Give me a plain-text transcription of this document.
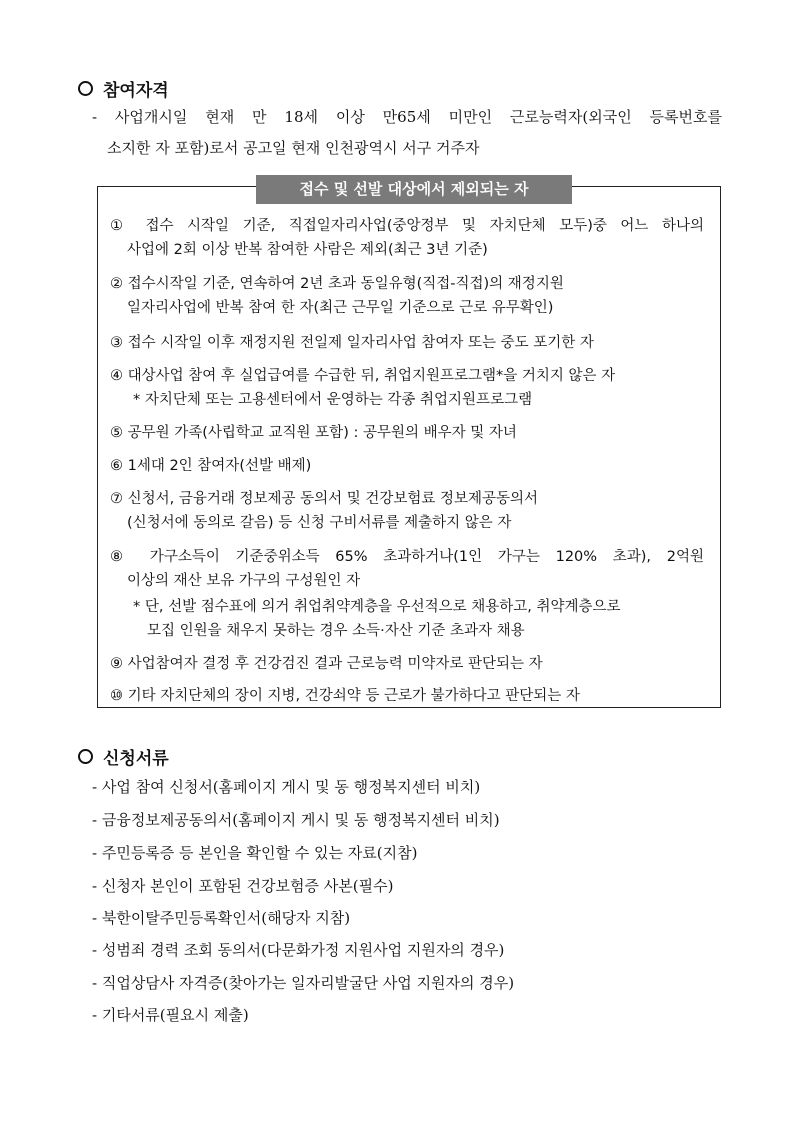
참여자격
- 사업개시일 현재 만 18세 이상 만65세 미만인 근로능력자(외국인 등록번호를
소지한 자 포함)로서 공고일 현재 인천광역시 서구 거주자
접수 및 선발 대상에서 제외되는 자
① 접수 시작일 기준, 직접일자리사업(중앙정부 및 자치단체 모두)중 어느 하나의
사업에 2회 이상 반복 참여한 사람은 제외(최근 3년 기준)
② 접수시작일 기준, 연속하여 2년 초과 동일유형(직접-직접)의 재정지원
일자리사업에 반복 참여 한 자(최근 근무일 기준으로 근로 유무확인)
③ 접수 시작일 이후 재정지원 전일제 일자리사업 참여자 또는 중도 포기한 자
④ 대상사업 참여 후 실업급여를 수급한 뒤, 취업지원프로그램*을 거치지 않은 자
* 자치단체 또는 고용센터에서 운영하는 각종 취업지원프로그램
⑤ 공무원 가족(사립학교 교직원 포함) : 공무원의 배우자 및 자녀
⑥ 1세대 2인 참여자(선발 배제)
⑦ 신청서, 금융거래 정보제공 동의서 및 건강보험료 정보제공동의서
(신청서에 동의로 갈음) 등 신청 구비서류를 제출하지 않은 자
⑧ 가구소득이 기준중위소득 65% 초과하거나(1인 가구는 120% 초과), 2억원
이상의 재산 보유 가구의 구성원인 자
* 단, 선발 점수표에 의거 취업취약계층을 우선적으로 채용하고, 취약계층으로
모집 인원을 채우지 못하는 경우 소득·자산 기준 초과자 채용
⑨ 사업참여자 결정 후 건강검진 결과 근로능력 미약자로 판단되는 자
⑩ 기타 자치단체의 장이 지병, 건강쇠약 등 근로가 불가하다고 판단되는 자
신청서류
- 사업 참여 신청서(홈페이지 게시 및 동 행정복지센터 비치)
- 금융정보제공동의서(홈페이지 게시 및 동 행정복지센터 비치)
- 주민등록증 등 본인을 확인할 수 있는 자료(지참)
- 신청자 본인이 포함된 건강보험증 사본(필수)
- 북한이탈주민등록확인서(해당자 지참)
- 성범죄 경력 조회 동의서(다문화가정 지원사업 지원자의 경우)
- 직업상담사 자격증(찾아가는 일자리발굴단 사업 지원자의 경우)
- 기타서류(필요시 제출)
